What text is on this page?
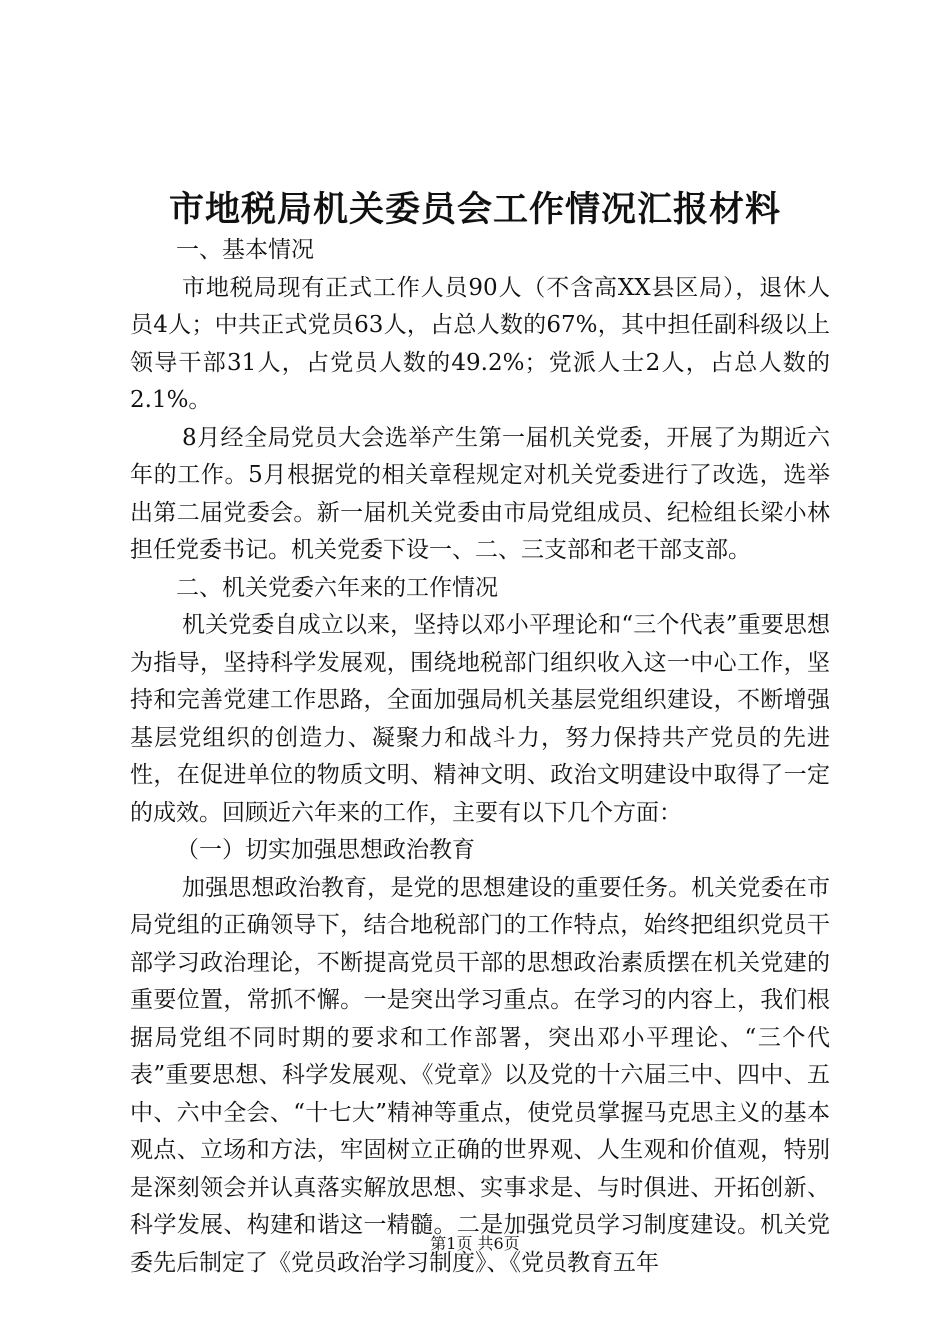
市地税局机关委员会工作情况汇报材料

一、基本情况

市地税局现有正式工作人员90人（不含高XX县区局），退休人员4人；中共正式党员63人，占总人数的67%，其中担任副科级以上领导干部31人，占党员人数的49.2%；党派人士2人，占总人数的2.1%。

8月经全局党员大会选举产生第一届机关党委，开展了为期近六年的工作。5月根据党的相关章程规定对机关党委进行了改选，选举出第二届党委会。新一届机关党委由市局党组成员、纪检组长梁小林担任党委书记。机关党委下设一、二、三支部和老干部支部。

二、机关党委六年来的工作情况

机关党委自成立以来，坚持以邓小平理论和“三个代表”重要思想为指导，坚持科学发展观，围绕地税部门组织收入这一中心工作，坚持和完善党建工作思路，全面加强局机关基层党组织建设，不断增强基层党组织的创造力、凝聚力和战斗力，努力保持共产党员的先进性，在促进单位的物质文明、精神文明、政治文明建设中取得了一定的成效。回顾近六年来的工作，主要有以下几个方面：

（一）切实加强思想政治教育

加强思想政治教育，是党的思想建设的重要任务。机关党委在市局党组的正确领导下，结合地税部门的工作特点，始终把组织党员干部学习政治理论，不断提高党员干部的思想政治素质摆在机关党建的重要位置，常抓不懈。一是突出学习重点。在学习的内容上，我们根据局党组不同时期的要求和工作部署，突出邓小平理论、“三个代表”重要思想、科学发展观、《党章》以及党的十六届三中、四中、五中、六中全会、“十七大”精神等重点，使党员掌握马克思主义的基本观点、立场和方法，牢固树立正确的世界观、人生观和价值观，特别是深刻领会并认真落实解放思想、实事求是、与时俱进、开拓创新、科学发展、构建和谐这一精髓。二是加强党员学习制度建设。机关党委先后制定了《党员政治学习制度》、《党员教育五年

第1页 共6页
